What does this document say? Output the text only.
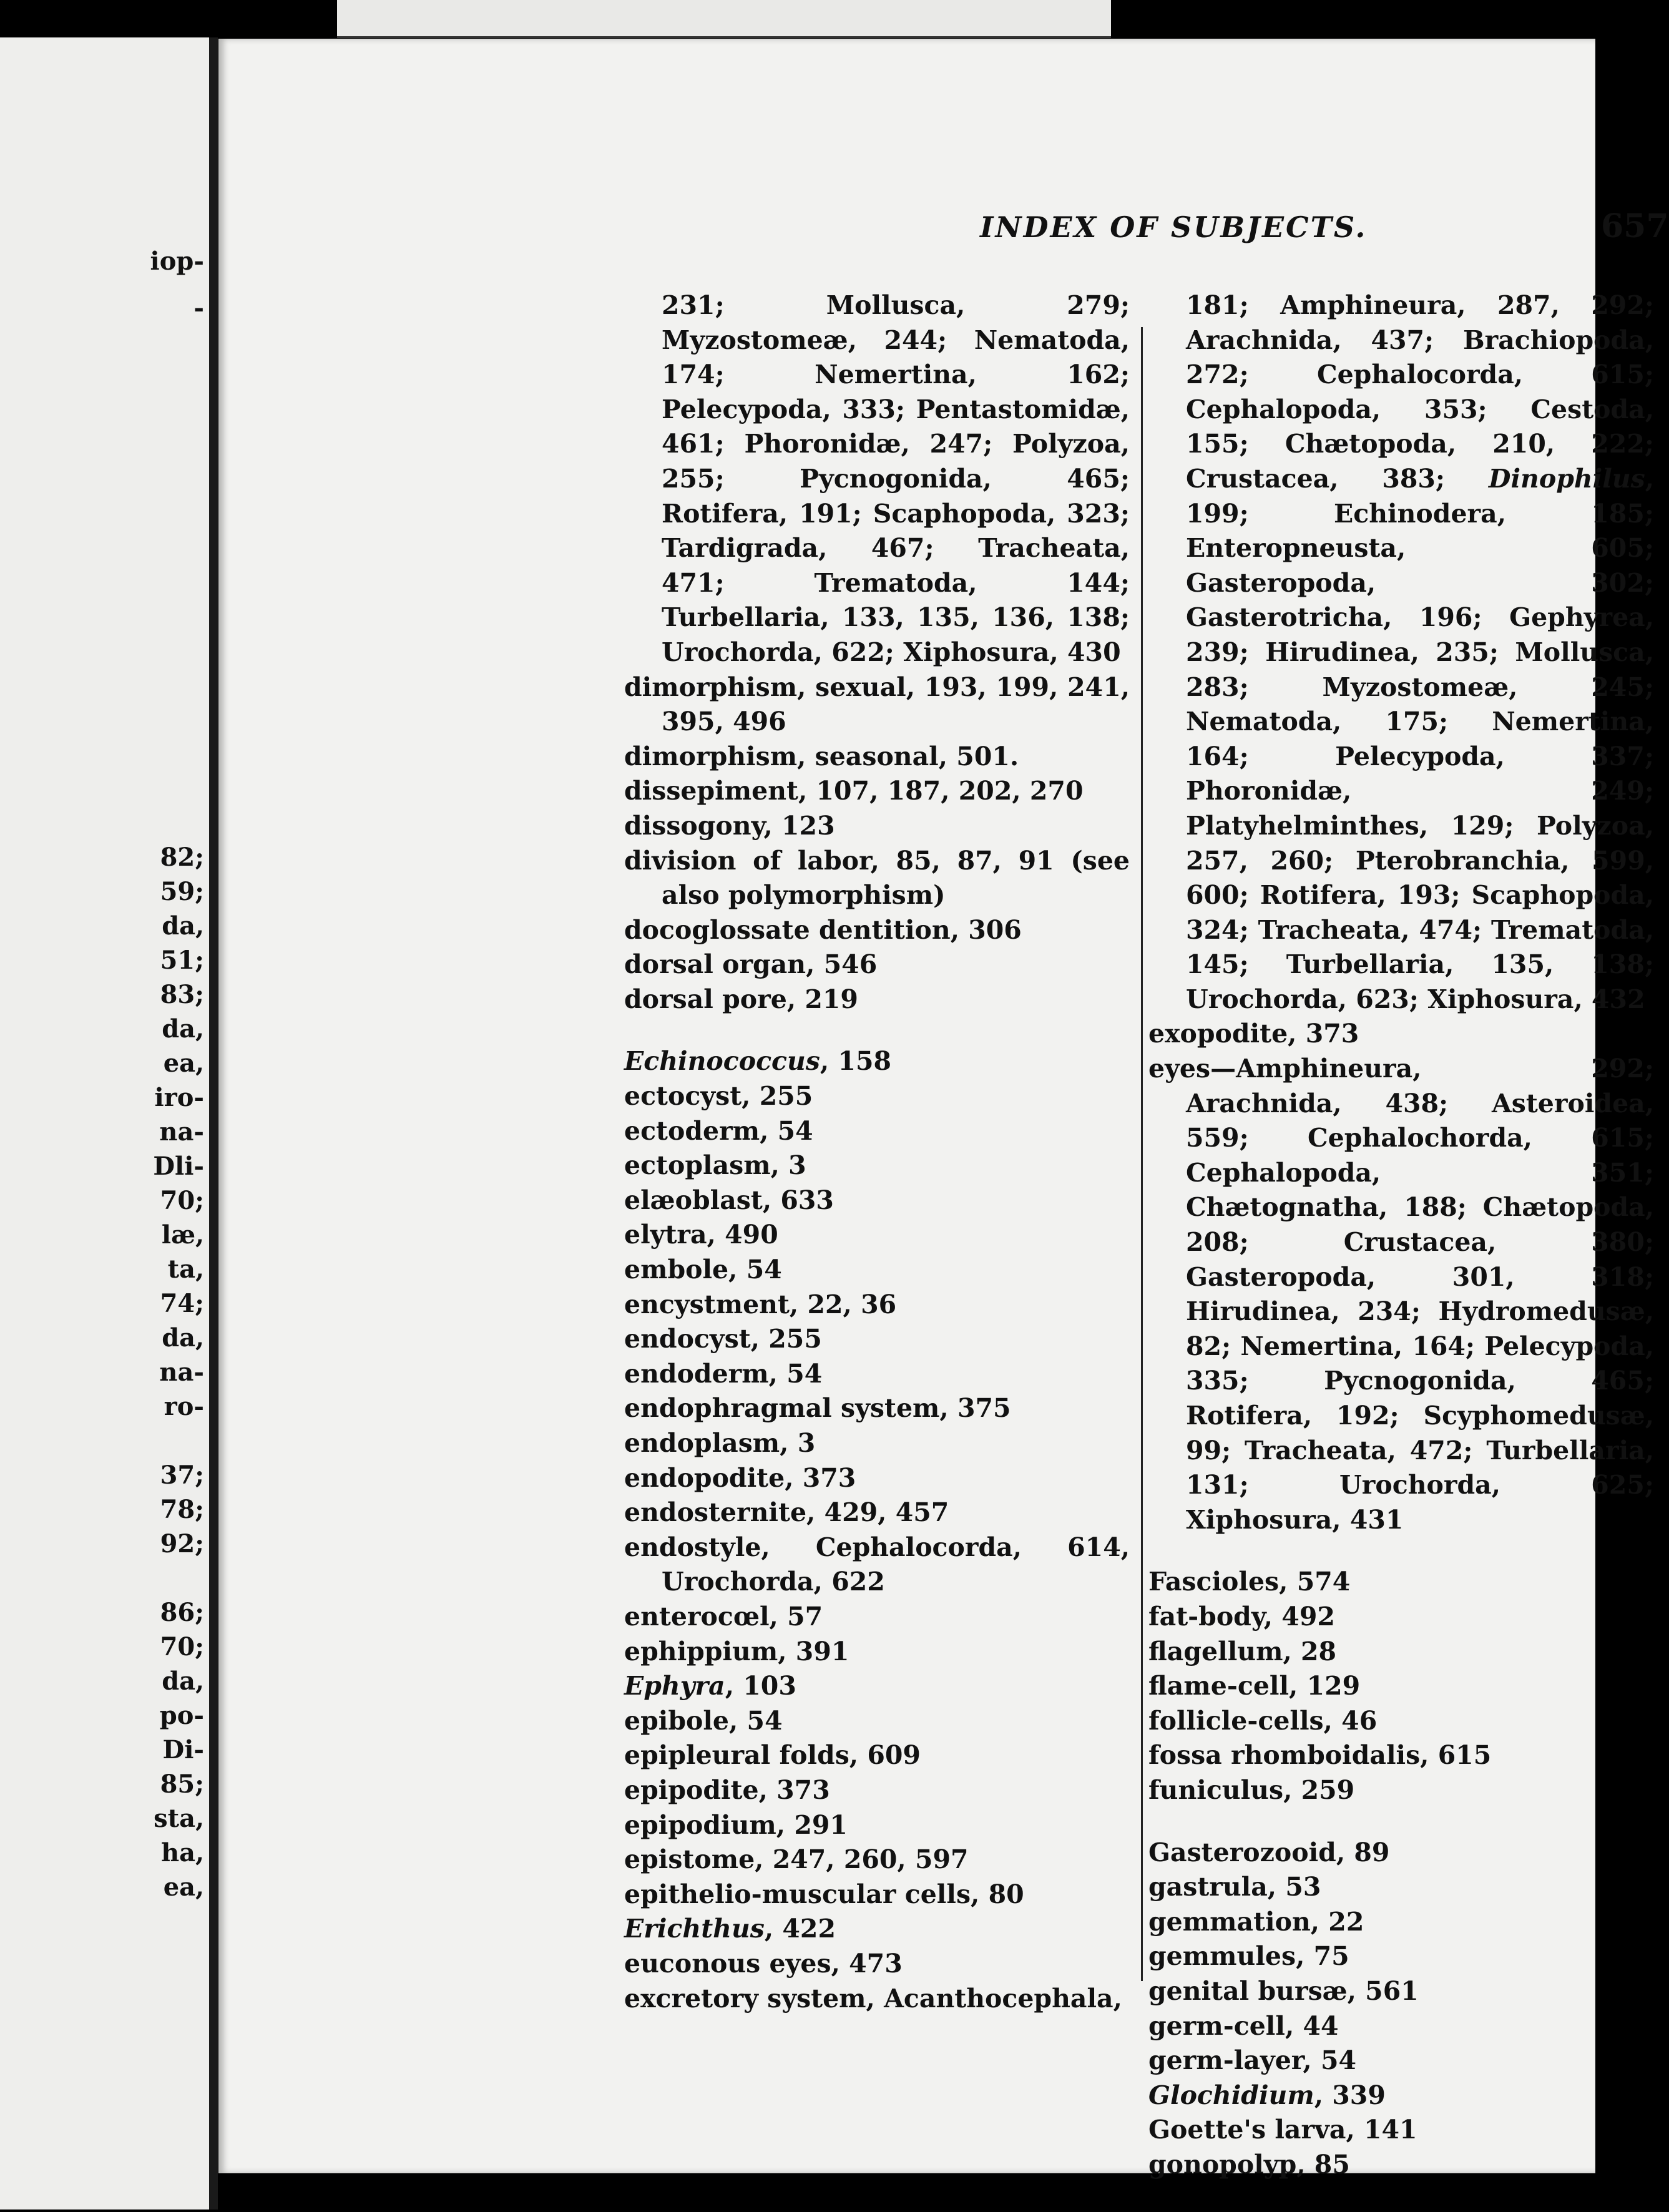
iop-
-
82;
59;
da,
51;
83;
da,
ea,
iro-
na-
Dli-
70;
læ,
ta,
74;
da,
na-
ro-
37;
78;
92;
86;
70;
da,
po-
Di-
85;
sta,
ha,
ea,
INDEX OF SUBJECTS.	657
231; Mollusca, 279; Myzostomeæ, 244; Nematoda, 174; Nemertina, 162; Pelecypoda, 333; Pentastomidæ, 461; Phoronidæ, 247; Polyzoa, 255; Pycnogonida, 465; Rotifera, 191; Scaphopoda, 323; Tardigrada, 467; Tracheata, 471; Trematoda, 144; Turbellaria, 133, 135, 136, 138; Urochorda, 622; Xiphosura, 430
dimorphism, sexual, 193, 199, 241, 395, 496
dimorphism, seasonal, 501.
dissepiment, 107, 187, 202, 270
dissogony, 123
division of labor, 85, 87, 91 (see also polymorphism)
docoglossate dentition, 306
dorsal organ, 546
dorsal pore, 219
Echinococcus, 158
ectocyst, 255
ectoderm, 54
ectoplasm, 3
elæoblast, 633
elytra, 490
embole, 54
encystment, 22, 36
endocyst, 255
endoderm, 54
endophragmal system, 375
endoplasm, 3
endopodite, 373
endosternite, 429, 457
endostyle, Cephalocorda, 614, Urochorda, 622
enterocœl, 57
ephippium, 391
Ephyra, 103
epibole, 54
epipleural folds, 609
epipodite, 373
epipodium, 291
epistome, 247, 260, 597
epithelio-muscular cells, 80
Erichthus, 422
euconous eyes, 473
excretory system, Acanthocephala,
181; Amphineura, 287, 292; Arachnida, 437; Brachiopoda, 272; Cephalocorda, 615; Cephalopoda, 353; Cestoda, 155; Chætopoda, 210, 222; Crustacea, 383; Dinophilus, 199; Echinodera, 185; Enteropneusta, 605; Gasteropoda, 302; Gasterotricha, 196; Gephyrea, 239; Hirudinea, 235; Mollusca, 283; Myzostomeæ, 245; Nematoda, 175; Nemertina, 164; Pelecypoda, 337; Phoronidæ, 249; Platyhelminthes, 129; Polyzoa, 257, 260; Pterobranchia, 599, 600; Rotifera, 193; Scaphopoda, 324; Tracheata, 474; Trematoda, 145; Turbellaria, 135, 138; Urochorda, 623; Xiphosura, 432
exopodite, 373
eyes—Amphineura, 292; Arachnida, 438; Asteroidea, 559; Cephalochorda, 615; Cephalopoda, 351; Chætognatha, 188; Chætopoda, 208; Crustacea, 380; Gasteropoda, 301, 318; Hirudinea, 234; Hydromedusæ, 82; Nemertina, 164; Pelecypoda, 335; Pycnogonida, 465; Rotifera, 192; Scyphomedusæ, 99; Tracheata, 472; Turbellaria, 131; Urochorda, 625; Xiphosura, 431
Fascioles, 574
fat-body, 492
flagellum, 28
flame-cell, 129
follicle-cells, 46
fossa rhomboidalis, 615
funiculus, 259
Gasterozooid, 89
gastrula, 53
gemmation, 22
gemmules, 75
genital bursæ, 561
germ-cell, 44
germ-layer, 54
Glochidium, 339
Goette's larva, 141
gonopolyp, 85
